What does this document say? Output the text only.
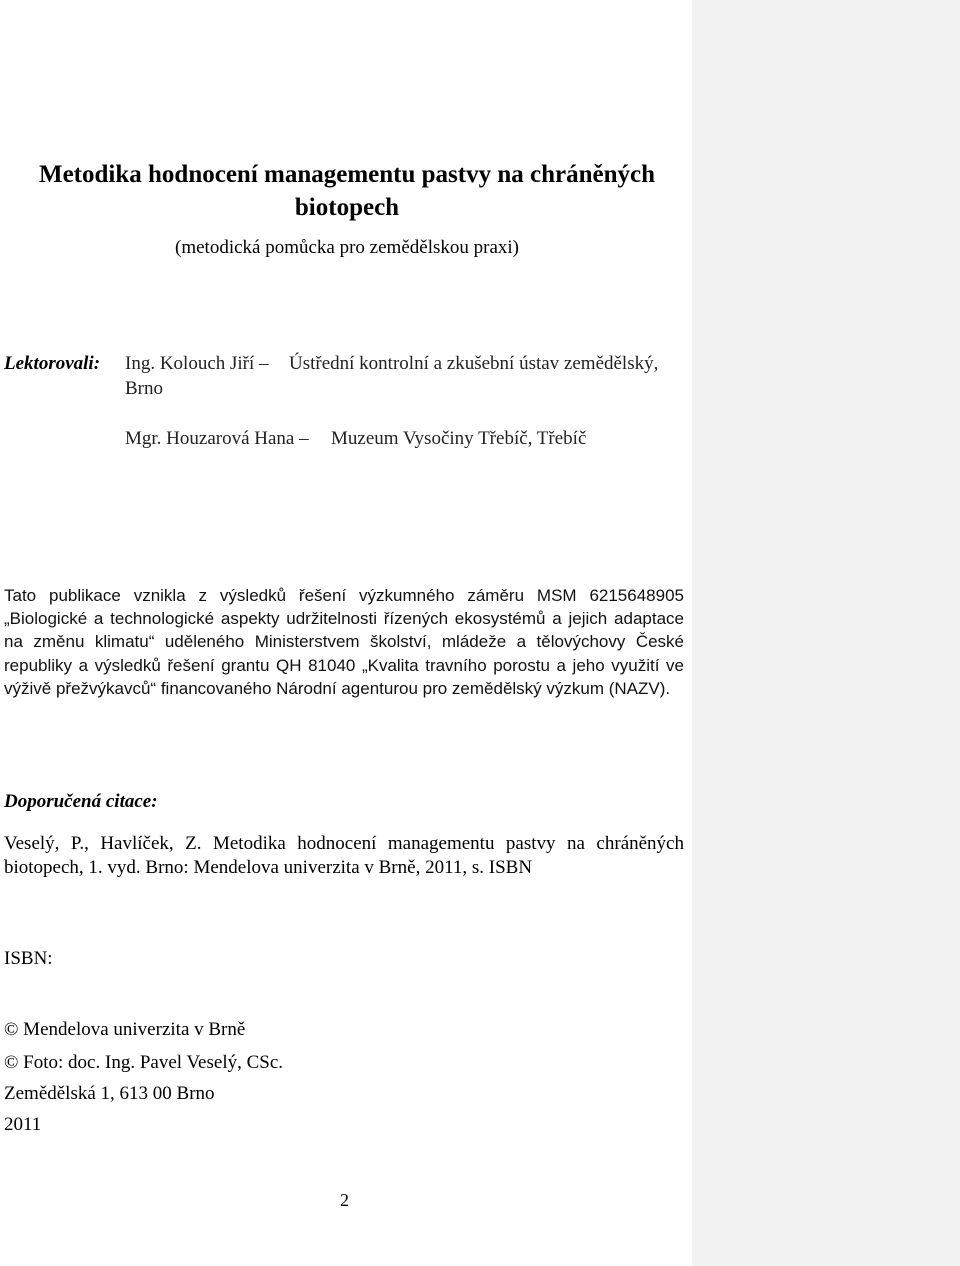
Metodika hodnocení managementu pastvy na chráněných biotopech
(metodická pomůcka pro zemědělskou praxi)
Lektorovali: Ing. Kolouch Jiří – Ústřední kontrolní a zkušební ústav zemědělský,
Brno
Mgr. Houzarová Hana – Muzeum Vysočiny Třebíč, Třebíč
Tato publikace vznikla z výsledků řešení výzkumného záměru MSM 6215648905 „Biologické a technologické aspekty udržitelnosti řízených ekosystémů a jejich adaptace na změnu klimatu“ uděleného Ministerstvem školství, mládeže a tělovýchovy České republiky a výsledků řešení grantu QH 81040 „Kvalita travního porostu a jeho využití ve výživě přežvýkavců“ financovaného Národní agenturou pro zemědělský výzkum (NAZV).
Doporučená citace:
Veselý, P., Havlíček, Z. Metodika hodnocení managementu pastvy na chráněných biotopech, 1. vyd. Brno: Mendelova univerzita v Brně, 2011, s. ISBN
ISBN:
© Mendelova univerzita v Brně
© Foto: doc. Ing. Pavel Veselý, CSc.
Zemědělská 1, 613 00 Brno
2011
2
